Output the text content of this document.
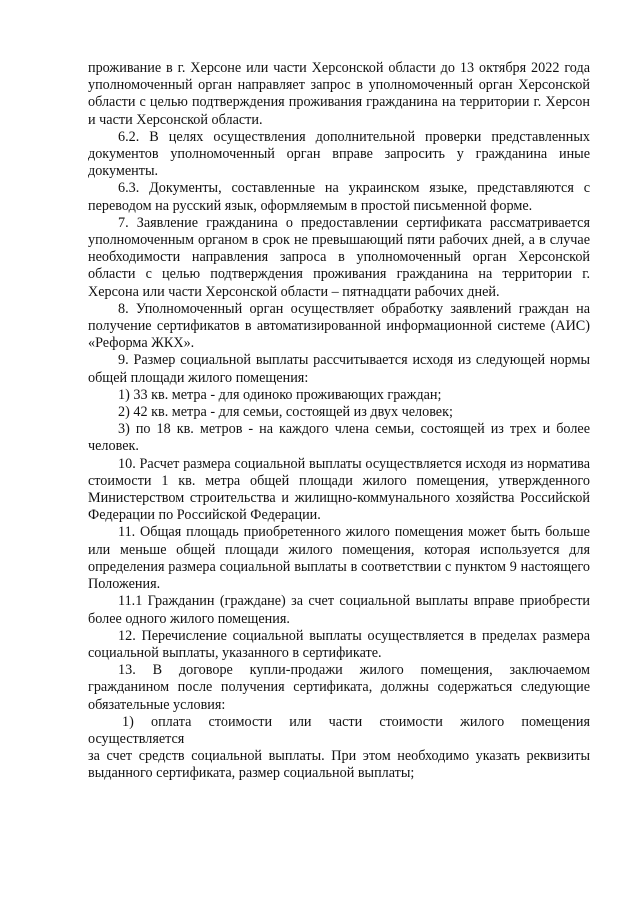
проживание в г. Херсоне или части Херсонской области до 13 октября 2022 года уполномоченный орган направляет запрос в уполномоченный орган Херсонской области с целью подтверждения проживания гражданина на территории г. Херсон и части Херсонской области.

6.2. В целях осуществления дополнительной проверки представленных документов уполномоченный орган вправе запросить у гражданина иные документы.

6.3. Документы, составленные на украинском языке, представляются с переводом на русский язык, оформляемым в простой письменной форме.

7. Заявление гражданина о предоставлении сертификата рассматривается уполномоченным органом в срок не превышающий пяти рабочих дней, а в случае необходимости направления запроса в уполномоченный орган Херсонской области с целью подтверждения проживания гражданина на территории г. Херсона или части Херсонской области – пятнадцати рабочих дней.

8. Уполномоченный орган осуществляет обработку заявлений граждан на получение сертификатов в автоматизированной информационной системе (АИС) «Реформа ЖКХ».

9. Размер социальной выплаты рассчитывается исходя из следующей нормы общей площади жилого помещения:

1) 33 кв. метра - для одиноко проживающих граждан;

2) 42 кв. метра - для семьи, состоящей из двух человек;

3) по 18 кв. метров - на каждого члена семьи, состоящей из трех и более человек.

10. Расчет размера социальной выплаты осуществляется исходя из норматива стоимости 1 кв. метра общей площади жилого помещения, утвержденного Министерством строительства и жилищно-коммунального хозяйства Российской Федерации по Российской Федерации.

11. Общая площадь приобретенного жилого помещения может быть больше или меньше общей площади жилого помещения, которая используется для определения размера социальной выплаты в соответствии с пунктом 9 настоящего Положения.

11.1 Гражданин (граждане) за счет социальной выплаты вправе приобрести более одного жилого помещения.

12. Перечисление социальной выплаты осуществляется в пределах размера социальной выплаты, указанного в сертификате.

13. В договоре купли-продажи жилого помещения, заключаемом гражданином после получения сертификата, должны содержаться следующие обязательные условия:

1) оплата стоимости или части стоимости жилого помещения осуществляется

за счет средств социальной выплаты. При этом необходимо указать реквизиты выданного сертификата, размер социальной выплаты;
